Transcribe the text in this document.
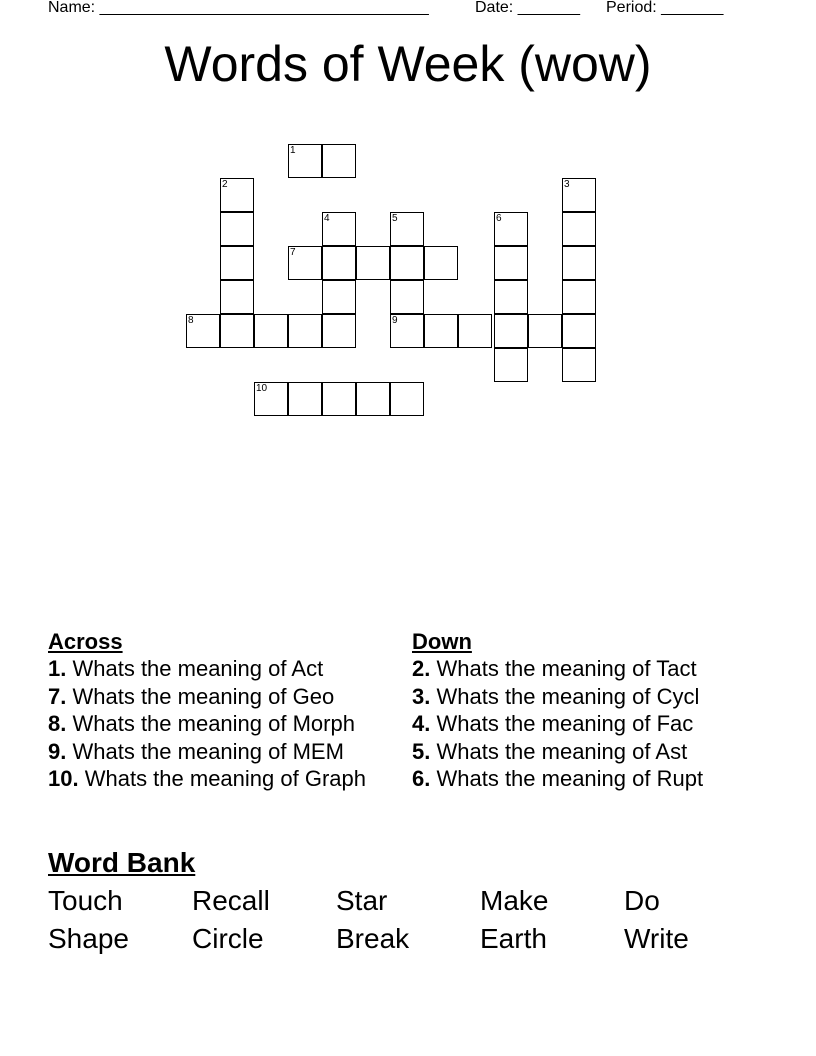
Name: _____________________________________

	Date: _______

Period: _______

Words of Week (wow)
1
2	3
4	5	6
7
8	9
10
Across
1. Whats the meaning of Act
7. Whats the meaning of Geo
8. Whats the meaning of Morph
9. Whats the meaning of MEM
10. Whats the meaning of Graph
Down
2. Whats the meaning of Tact
3. Whats the meaning of Cycl
4. Whats the meaning of Fac
5. Whats the meaning of Ast
6. Whats the meaning of Rupt
Word Bank
Touch	Recall	Star	Make	Do
Shape	Circle	Break	Earth	Write
